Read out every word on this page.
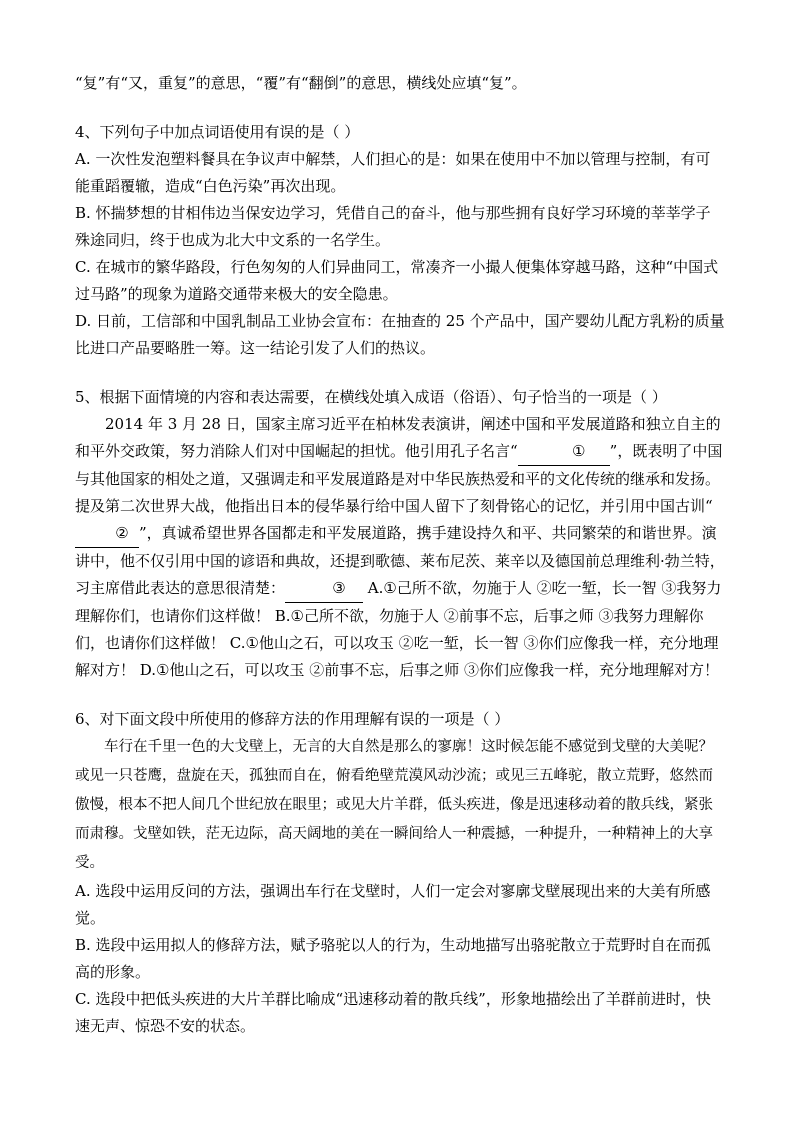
“复”有“又，重复”的意思，“覆”有“翻倒”的意思，横线处应填“复”。

4、下列句子中加点词语使用有误的是（ ）

A. 一次性发泡塑料餐具在争议声中解禁，人们担心的是：如果在使用中不加以管理与控制，有可能重蹈覆辙，造成“白色污染”再次出现。

B. 怀揣梦想的甘相伟边当保安边学习，凭借自己的奋斗，他与那些拥有良好学习环境的莘莘学子殊途同归，终于也成为北大中文系的一名学生。

C. 在城市的繁华路段，行色匆匆的人们异曲同工，常凑齐一小撮人便集体穿越马路，这种“中国式过马路”的现象为道路交通带来极大的安全隐患。

D. 日前，工信部和中国乳制品工业协会宣布：在抽查的 25 个产品中，国产婴幼儿配方乳粉的质量比进口产品要略胜一筹。这一结论引发了人们的热议。

5、根据下面情境的内容和表达需要，在横线处填入成语（俗语）、句子恰当的一项是（ ）

2014 年 3 月 28 日，国家主席习近平在柏林发表演讲，阐述中国和平发展道路和独立自主的和平外交政策，努力消除人们对中国崛起的担忧。他引用孔子名言“	① ”，既表明了中国与其他国家的相处之道，又强调走和平发展道路是对中华民族热爱和平的文化传统的继承和发扬。提及第二次世界大战，他指出日本的侵华暴行给中国人留下了刻骨铭心的记忆，并引用中国古训“② ”，真诚希望世界各国都走和平发展道路，携手建设持久和平、共同繁荣的和谐世界。演讲中，他不仅引用中国的谚语和典故，还提到歌德、莱布尼茨、莱辛以及德国前总理维利·勃兰特，习主席借此表达的意思很清楚：	③ A.①己所不欲，勿施于人 ②吃一堑，长一智 ③我努力理解你们，也请你们这样做！ B.①己所不欲，勿施于人 ②前事不忘，后事之师 ③我努力理解你们，也请你们这样做！ C.①他山之石，可以攻玉 ②吃一堑，长一智 ③你们应像我一样，充分地理解对方！ D.①他山之石，可以攻玉 ②前事不忘，后事之师 ③你们应像我一样，充分地理解对方！

6、对下面文段中所使用的修辞方法的作用理解有误的一项是（ ）

车行在千里一色的大戈壁上，无言的大自然是那么的寥廓！这时候怎能不感觉到戈壁的大美呢？或见一只苍鹰，盘旋在天，孤独而自在，俯看绝壁荒漠风动沙流；或见三五峰驼，散立荒野，悠然而傲慢，根本不把人间几个世纪放在眼里；或见大片羊群，低头疾进，像是迅速移动着的散兵线，紧张而肃穆。戈壁如铁，茫无边际，高天阔地的美在一瞬间给人一种震撼，一种提升，一种精神上的大享受。

A. 选段中运用反问的方法，强调出车行在戈壁时，人们一定会对寥廓戈壁展现出来的大美有所感觉。

B. 选段中运用拟人的修辞方法，赋予骆驼以人的行为，生动地描写出骆驼散立于荒野时自在而孤高的形象。

C. 选段中把低头疾进的大片羊群比喻成“迅速移动着的散兵线”，形象地描绘出了羊群前进时，快速无声、惊恐不安的状态。
